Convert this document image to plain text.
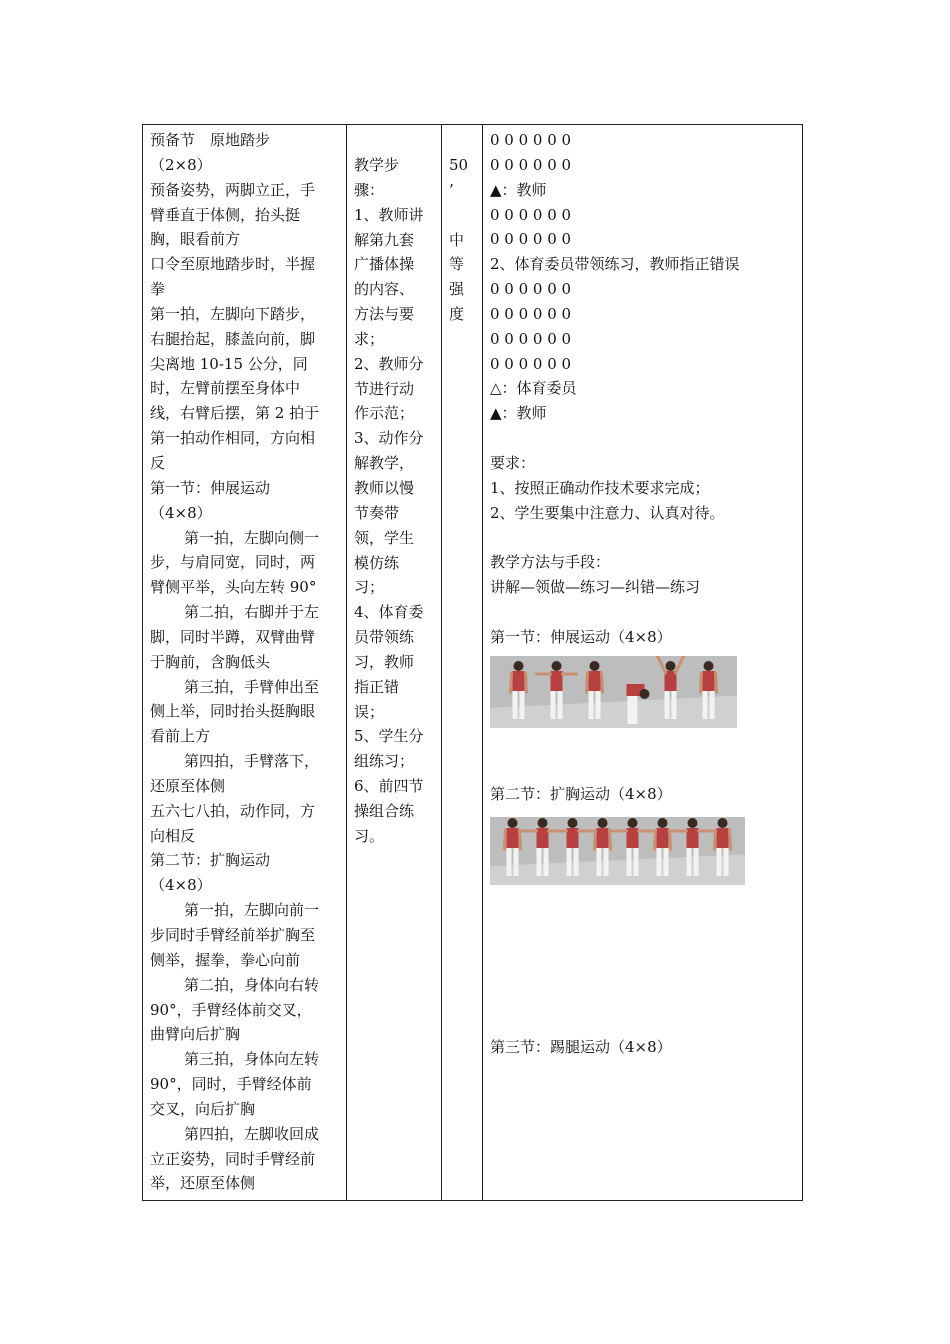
预备节　原地踏步
（2×8）
预备姿势，两脚立正，手
臂垂直于体侧，抬头挺
胸，眼看前方
口令至原地踏步时，半握
拳
第一拍，左脚向下踏步，
右腿抬起，膝盖向前，脚
尖离地 10-15 公分，同
时，左臂前摆至身体中
线，右臂后摆，第 2 拍于
第一拍动作相同，方向相
反
第一节：伸展运动
（4×8）
第一拍，左脚向侧一
步，与肩同宽，同时，两
臂侧平举，头向左转 90°
第二拍，右脚并于左
脚，同时半蹲，双臂曲臂
于胸前，含胸低头
第三拍，手臂伸出至
侧上举，同时抬头挺胸眼
看前上方
第四拍，手臂落下，
还原至体侧
五六七八拍，动作同，方
向相反
第二节：扩胸运动
（4×8）
第一拍，左脚向前一
步同时手臂经前举扩胸至
侧举，握拳，拳心向前
第二拍，身体向右转
90°，手臂经体前交叉，
曲臂向后扩胸
第三拍，身体向左转
90°，同时，手臂经体前
交叉，向后扩胸
第四拍，左脚收回成
立正姿势，同时手臂经前
举，还原至体侧

教学步
骤：
1、教师讲
解第九套
广播体操
的内容、
方法与要
求；
2、教师分
节进行动
作示范；
3、动作分
解教学，
教师以慢
节奏带
领，学生
模仿练
习；
4、体育委
员带领练
习，教师
指正错
误；
5、学生分
组练习；
6、前四节
操组合练
习。

50
’
中
等
强
度

0 0 0 0 0 0
0 0 0 0 0 0
▲：教师
0 0 0 0 0 0
0 0 0 0 0 0
2、体育委员带领练习，教师指正错误
0 0 0 0 0 0
0 0 0 0 0 0
0 0 0 0 0 0
0 0 0 0 0 0
△：体育委员
▲：教师
要求：
1、按照正确动作技术要求完成；
2、学生要集中注意力、认真对待。
教学方法与手段：
讲解—领做—练习—纠错—练习
第一节：伸展运动（4×8）
第二节：扩胸运动（4×8）
第三节：踢腿运动（4×8）
